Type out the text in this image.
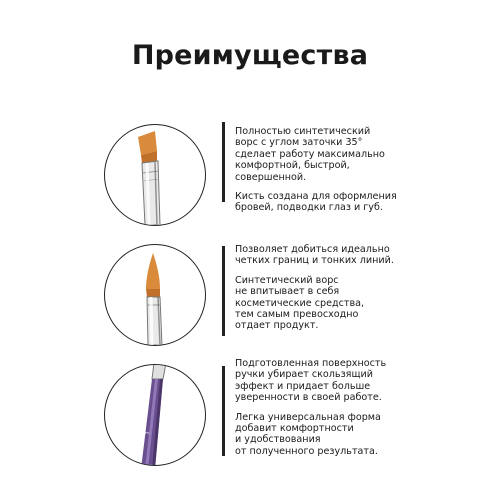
Преимущества

Полностью синтетический
ворс с углом заточки 35°
сделает работу максимально
комфортной, быстрой,
совершенной.

Кисть создана для оформления
бровей, подводки глаз и губ.

Позволяет добиться идеально
четких границ и тонких линий.

Синтетический ворс
не впитывает в себя
косметические средства,
тем самым превосходно
отдает продукт.

3

Подготовленная поверхность
ручки убирает скользящий
эффект и придает больше
уверенности в своей работе.

Легка универсальная форма
добавит комфортности
и удобствования
от полученного результата.
